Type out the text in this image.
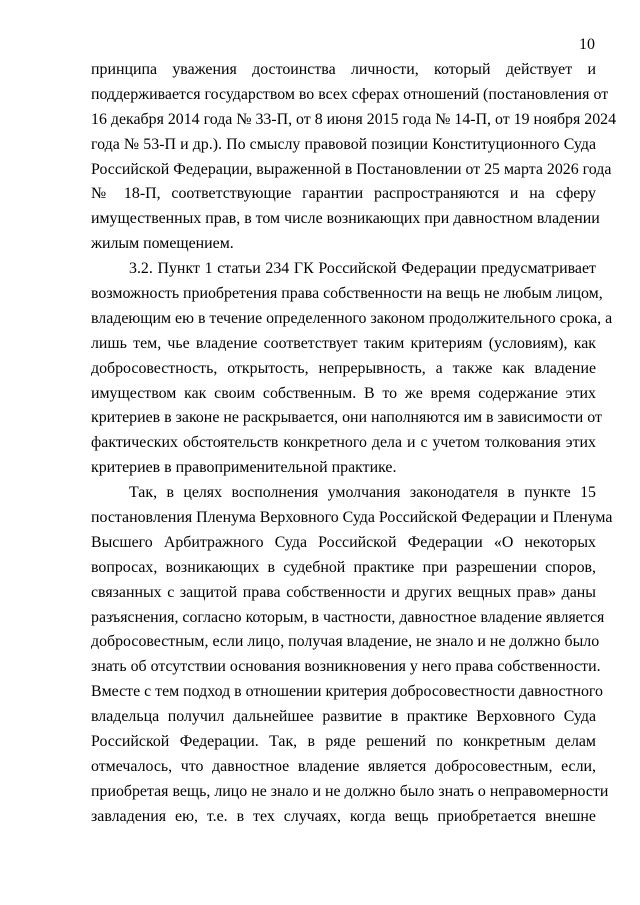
10
принципа уважения достоинства личности, который действует и
поддерживается государством во всех сферах отношений (постановления от
16 декабря 2014 года № 33-П, от 8 июня 2015 года № 14-П, от 19 ноября 2024
года № 53-П и др.). По смыслу правовой позиции Конституционного Суда
Российской Федерации, выраженной в Постановлении от 25 марта 2026 года
№ 18-П, соответствующие гарантии распространяются и на сферу
имущественных прав, в том числе возникающих при давностном владении
жилым помещением.
3.2. Пункт 1 статьи 234 ГК Российской Федерации предусматривает
возможность приобретения права собственности на вещь не любым лицом,
владеющим ею в течение определенного законом продолжительного срока, а
лишь тем, чье владение соответствует таким критериям (условиям), как
добросовестность, открытость, непрерывность, а также как владение
имуществом как своим собственным. В то же время содержание этих
критериев в законе не раскрывается, они наполняются им в зависимости от
фактических обстоятельств конкретного дела и с учетом толкования этих
критериев в правоприменительной практике.
Так, в целях восполнения умолчания законодателя в пункте 15
постановления Пленума Верховного Суда Российской Федерации и Пленума
Высшего Арбитражного Суда Российской Федерации «О некоторых
вопросах, возникающих в судебной практике при разрешении споров,
связанных с защитой права собственности и других вещных прав» даны
разъяснения, согласно которым, в частности, давностное владение является
добросовестным, если лицо, получая владение, не знало и не должно было
знать об отсутствии основания возникновения у него права собственности.
Вместе с тем подход в отношении критерия добросовестности давностного
владельца получил дальнейшее развитие в практике Верховного Суда
Российской Федерации. Так, в ряде решений по конкретным делам
отмечалось, что давностное владение является добросовестным, если,
приобретая вещь, лицо не знало и не должно было знать о неправомерности
завладения ею, т.е. в тех случаях, когда вещь приобретается внешне
